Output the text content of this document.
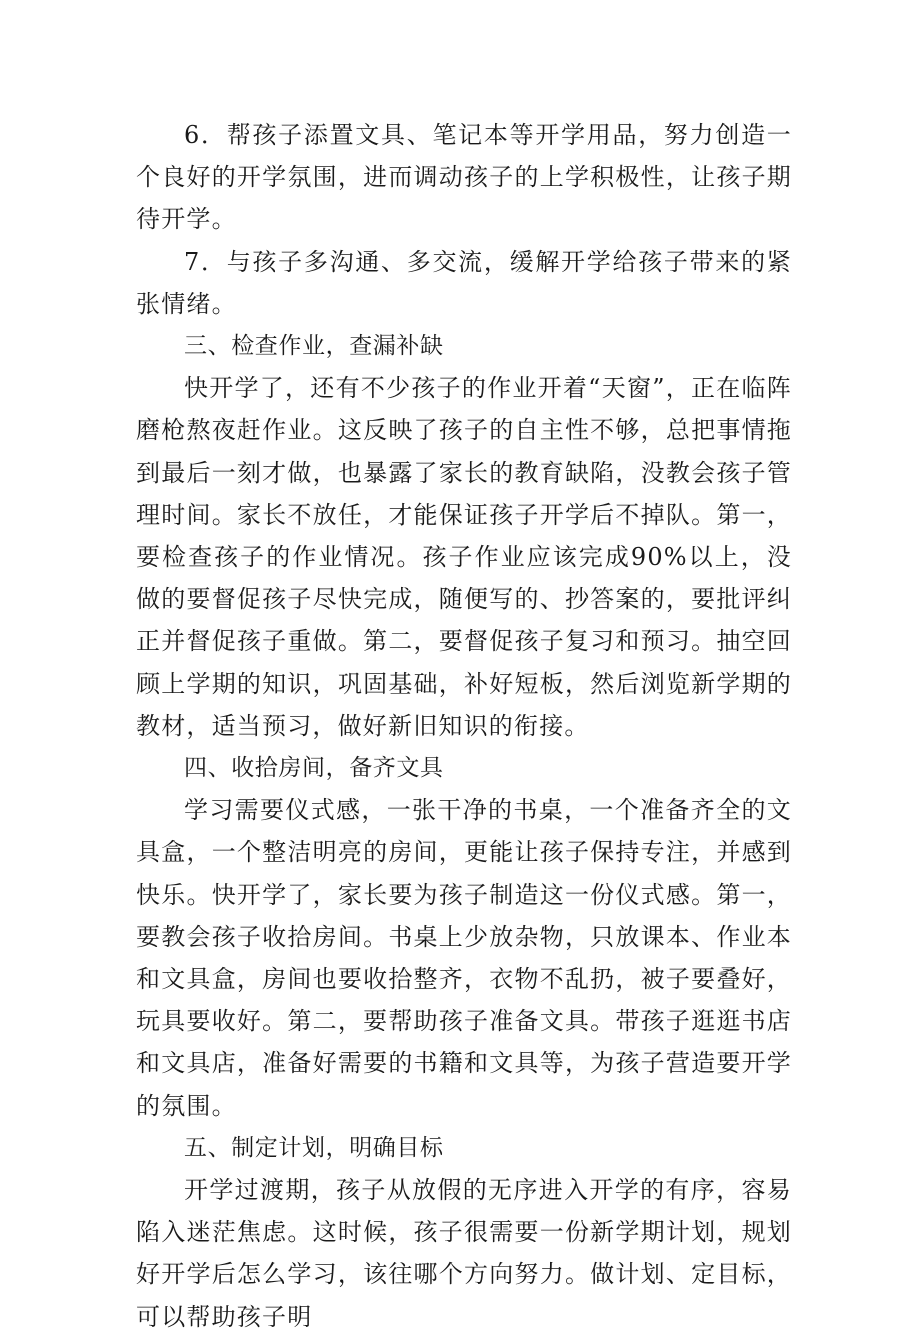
6．帮孩子添置文具、笔记本等开学用品，努力创造一个良好的开学氛围，进而调动孩子的上学积极性，让孩子期待开学。

7．与孩子多沟通、多交流，缓解开学给孩子带来的紧张情绪。

三、检查作业，查漏补缺

快开学了，还有不少孩子的作业开着“天窗”，正在临阵磨枪熬夜赶作业。这反映了孩子的自主性不够，总把事情拖到最后一刻才做，也暴露了家长的教育缺陷，没教会孩子管理时间。家长不放任，才能保证孩子开学后不掉队。第一，要检查孩子的作业情况。孩子作业应该完成90%以上，没做的要督促孩子尽快完成，随便写的、抄答案的，要批评纠正并督促孩子重做。第二，要督促孩子复习和预习。抽空回顾上学期的知识，巩固基础，补好短板，然后浏览新学期的教材，适当预习，做好新旧知识的衔接。

四、收拾房间，备齐文具

学习需要仪式感，一张干净的书桌，一个准备齐全的文具盒，一个整洁明亮的房间，更能让孩子保持专注，并感到快乐。快开学了，家长要为孩子制造这一份仪式感。第一，要教会孩子收拾房间。书桌上少放杂物，只放课本、作业本和文具盒，房间也要收拾整齐，衣物不乱扔，被子要叠好，玩具要收好。第二，要帮助孩子准备文具。带孩子逛逛书店和文具店，准备好需要的书籍和文具等，为孩子营造要开学的氛围。

五、制定计划，明确目标

开学过渡期，孩子从放假的无序进入开学的有序，容易陷入迷茫焦虑。这时候，孩子很需要一份新学期计划，规划好开学后怎么学习，该往哪个方向努力。做计划、定目标，可以帮助孩子明
